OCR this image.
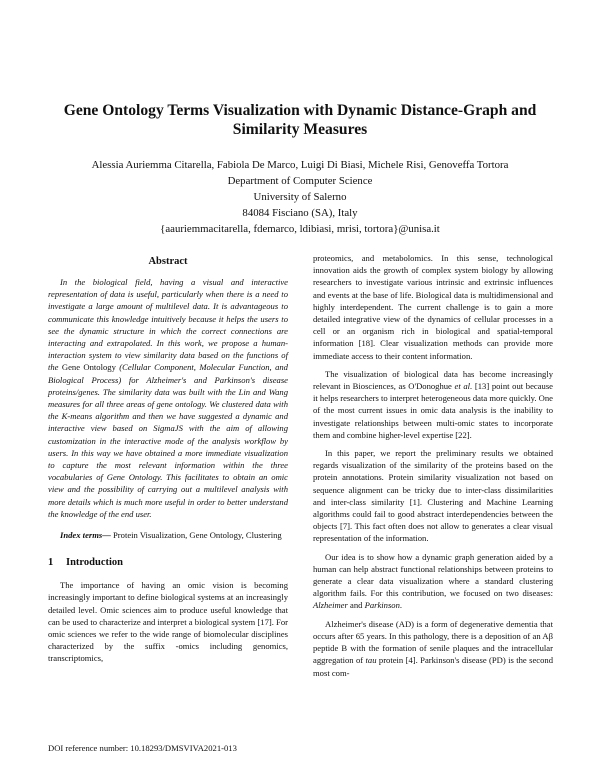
Gene Ontology Terms Visualization with Dynamic Distance-Graph and
Similarity Measures
Alessia Auriemma Citarella, Fabiola De Marco, Luigi Di Biasi, Michele Risi, Genoveffa Tortora
Department of Computer Science
University of Salerno
84084 Fisciano (SA), Italy
{aauriemmacitarella, fdemarco, ldibiasi, mrisi, tortora}@unisa.it
Abstract

In the biological field, having a visual and interactive representation of data is useful, particularly when there is a need to investigate a large amount of multilevel data. It is advantageous to communicate this knowledge intuitively because it helps the users to see the dynamic structure in which the correct connections are interacting and extrapolated. In this work, we propose a human-interaction system to view similarity data based on the functions of the Gene Ontology (Cellular Component, Molecular Function, and Biological Process) for Alzheimer's and Parkinson's disease proteins/genes. The similarity data was built with the Lin and Wang measures for all three areas of gene ontology. We clustered data with the K-means algorithm and then we have suggested a dynamic and interactive view based on SigmaJS with the aim of allowing customization in the interactive mode of the analysis workflow by users. In this way we have obtained a more immediate visualization to capture the most relevant information within the three vocabularies of Gene Ontology. This facilitates to obtain an omic view and the possibility of carrying out a multilevel analysis with more details which is much more useful in order to better understand the knowledge of the end user.

Index terms— Protein Visualization, Gene Ontology, Clustering

1	Introduction

The importance of having an omic vision is becoming increasingly important to define biological systems at an increasingly detailed level. Omic sciences aim to produce useful knowledge that can be used to characterize and interpret a biological system [17]. For omic sciences we refer to the wide range of biomolecular disciplines characterized by the suffix -omics including genomics, transcriptomics,

proteomics, and metabolomics. In this sense, technological innovation aids the growth of complex system biology by allowing researchers to investigate various intrinsic and extrinsic influences and events at the base of life. Biological data is multidimensional and highly interdependent. The current challenge is to gain a more detailed integrative view of the dynamics of cellular processes in a cell or an organism rich in biological and spatial-temporal information [18]. Clear visualization methods can provide more immediate access to their content information.

The visualization of biological data has become increasingly relevant in Biosciences, as O'Donoghue et al. [13] point out because it helps researchers to interpret heterogeneous data more quickly. One of the most current issues in omic data analysis is the inability to investigate relationships between multi-omic states to incorporate them and combine higher-level expertise [22].

In this paper, we report the preliminary results we obtained regards visualization of the similarity of the proteins based on the protein annotations. Protein similarity visualization not based on sequence alignment can be tricky due to inter-class dissimilarities and inter-class similarity [1]. Clustering and Machine Learning algorithms could fail to good abstract interdependencies between the objects [7]. This fact often does not allow to generates a clear visual representation of the information.

Our idea is to show how a dynamic graph generation aided by a human can help abstract functional relationships between proteins to generate a clear data visualization where a standard clustering algorithm fails. For this contribution, we focused on two diseases: Alzheimer and Parkinson.

Alzheimer's disease (AD) is a form of degenerative dementia that occurs after 65 years. In this pathology, there is a deposition of an Aβ peptide B with the formation of senile plaques and the intracellular aggregation of tau protein [4]. Parkinson's disease (PD) is the second most com-

DOI reference number: 10.18293/DMSVIVA2021-013
